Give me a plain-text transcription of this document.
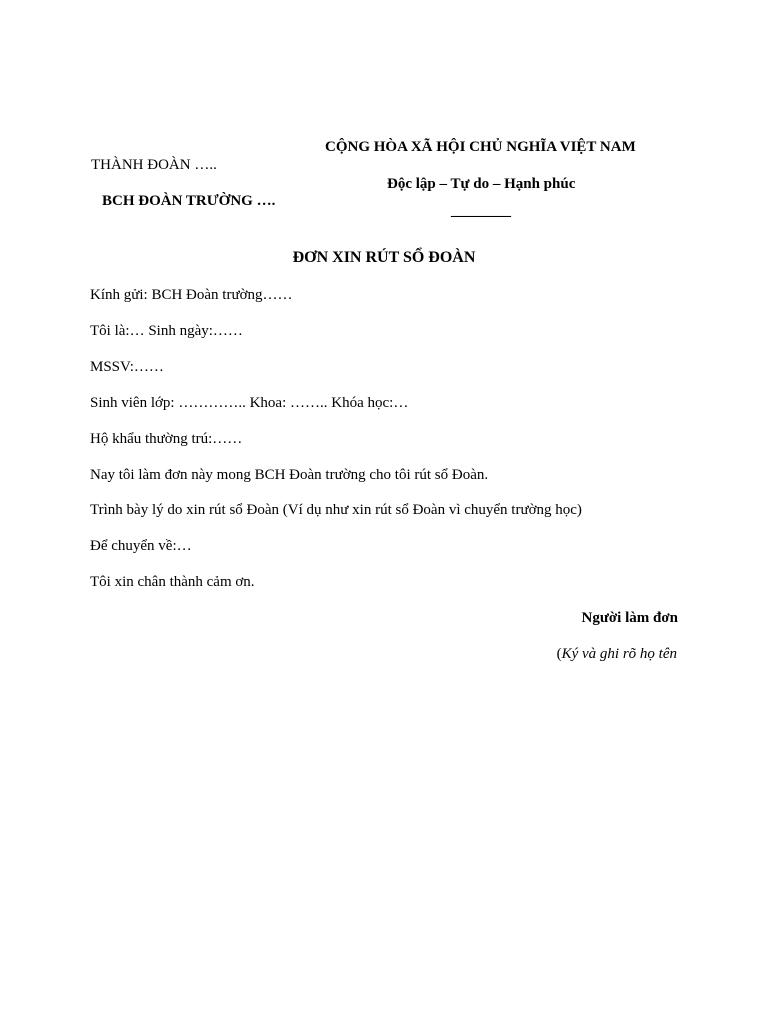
THÀNH ĐOÀN …..
BCH ĐOÀN TRƯỜNG ….
CỘNG HÒA XÃ HỘI CHỦ NGHĨA VIỆT NAM
Độc lập – Tự do – Hạnh phúc
________
ĐƠN XIN RÚT SỔ ĐOÀN
Kính gửi: BCH Đoàn trường……
Tôi là:… Sinh ngày:……
MSSV:……
Sinh viên lớp: ………….. Khoa: …….. Khóa học:…
Hộ khẩu thường trú:……
Nay tôi làm đơn này mong BCH Đoàn trường cho tôi rút sổ Đoàn.
Trình bày lý do xin rút sổ Đoàn (Ví dụ như xin rút sổ Đoàn vì chuyển trường học)
Để chuyển về:…
Tôi xin chân thành cảm ơn.
Người làm đơn
(Ký và ghi rõ họ tên
